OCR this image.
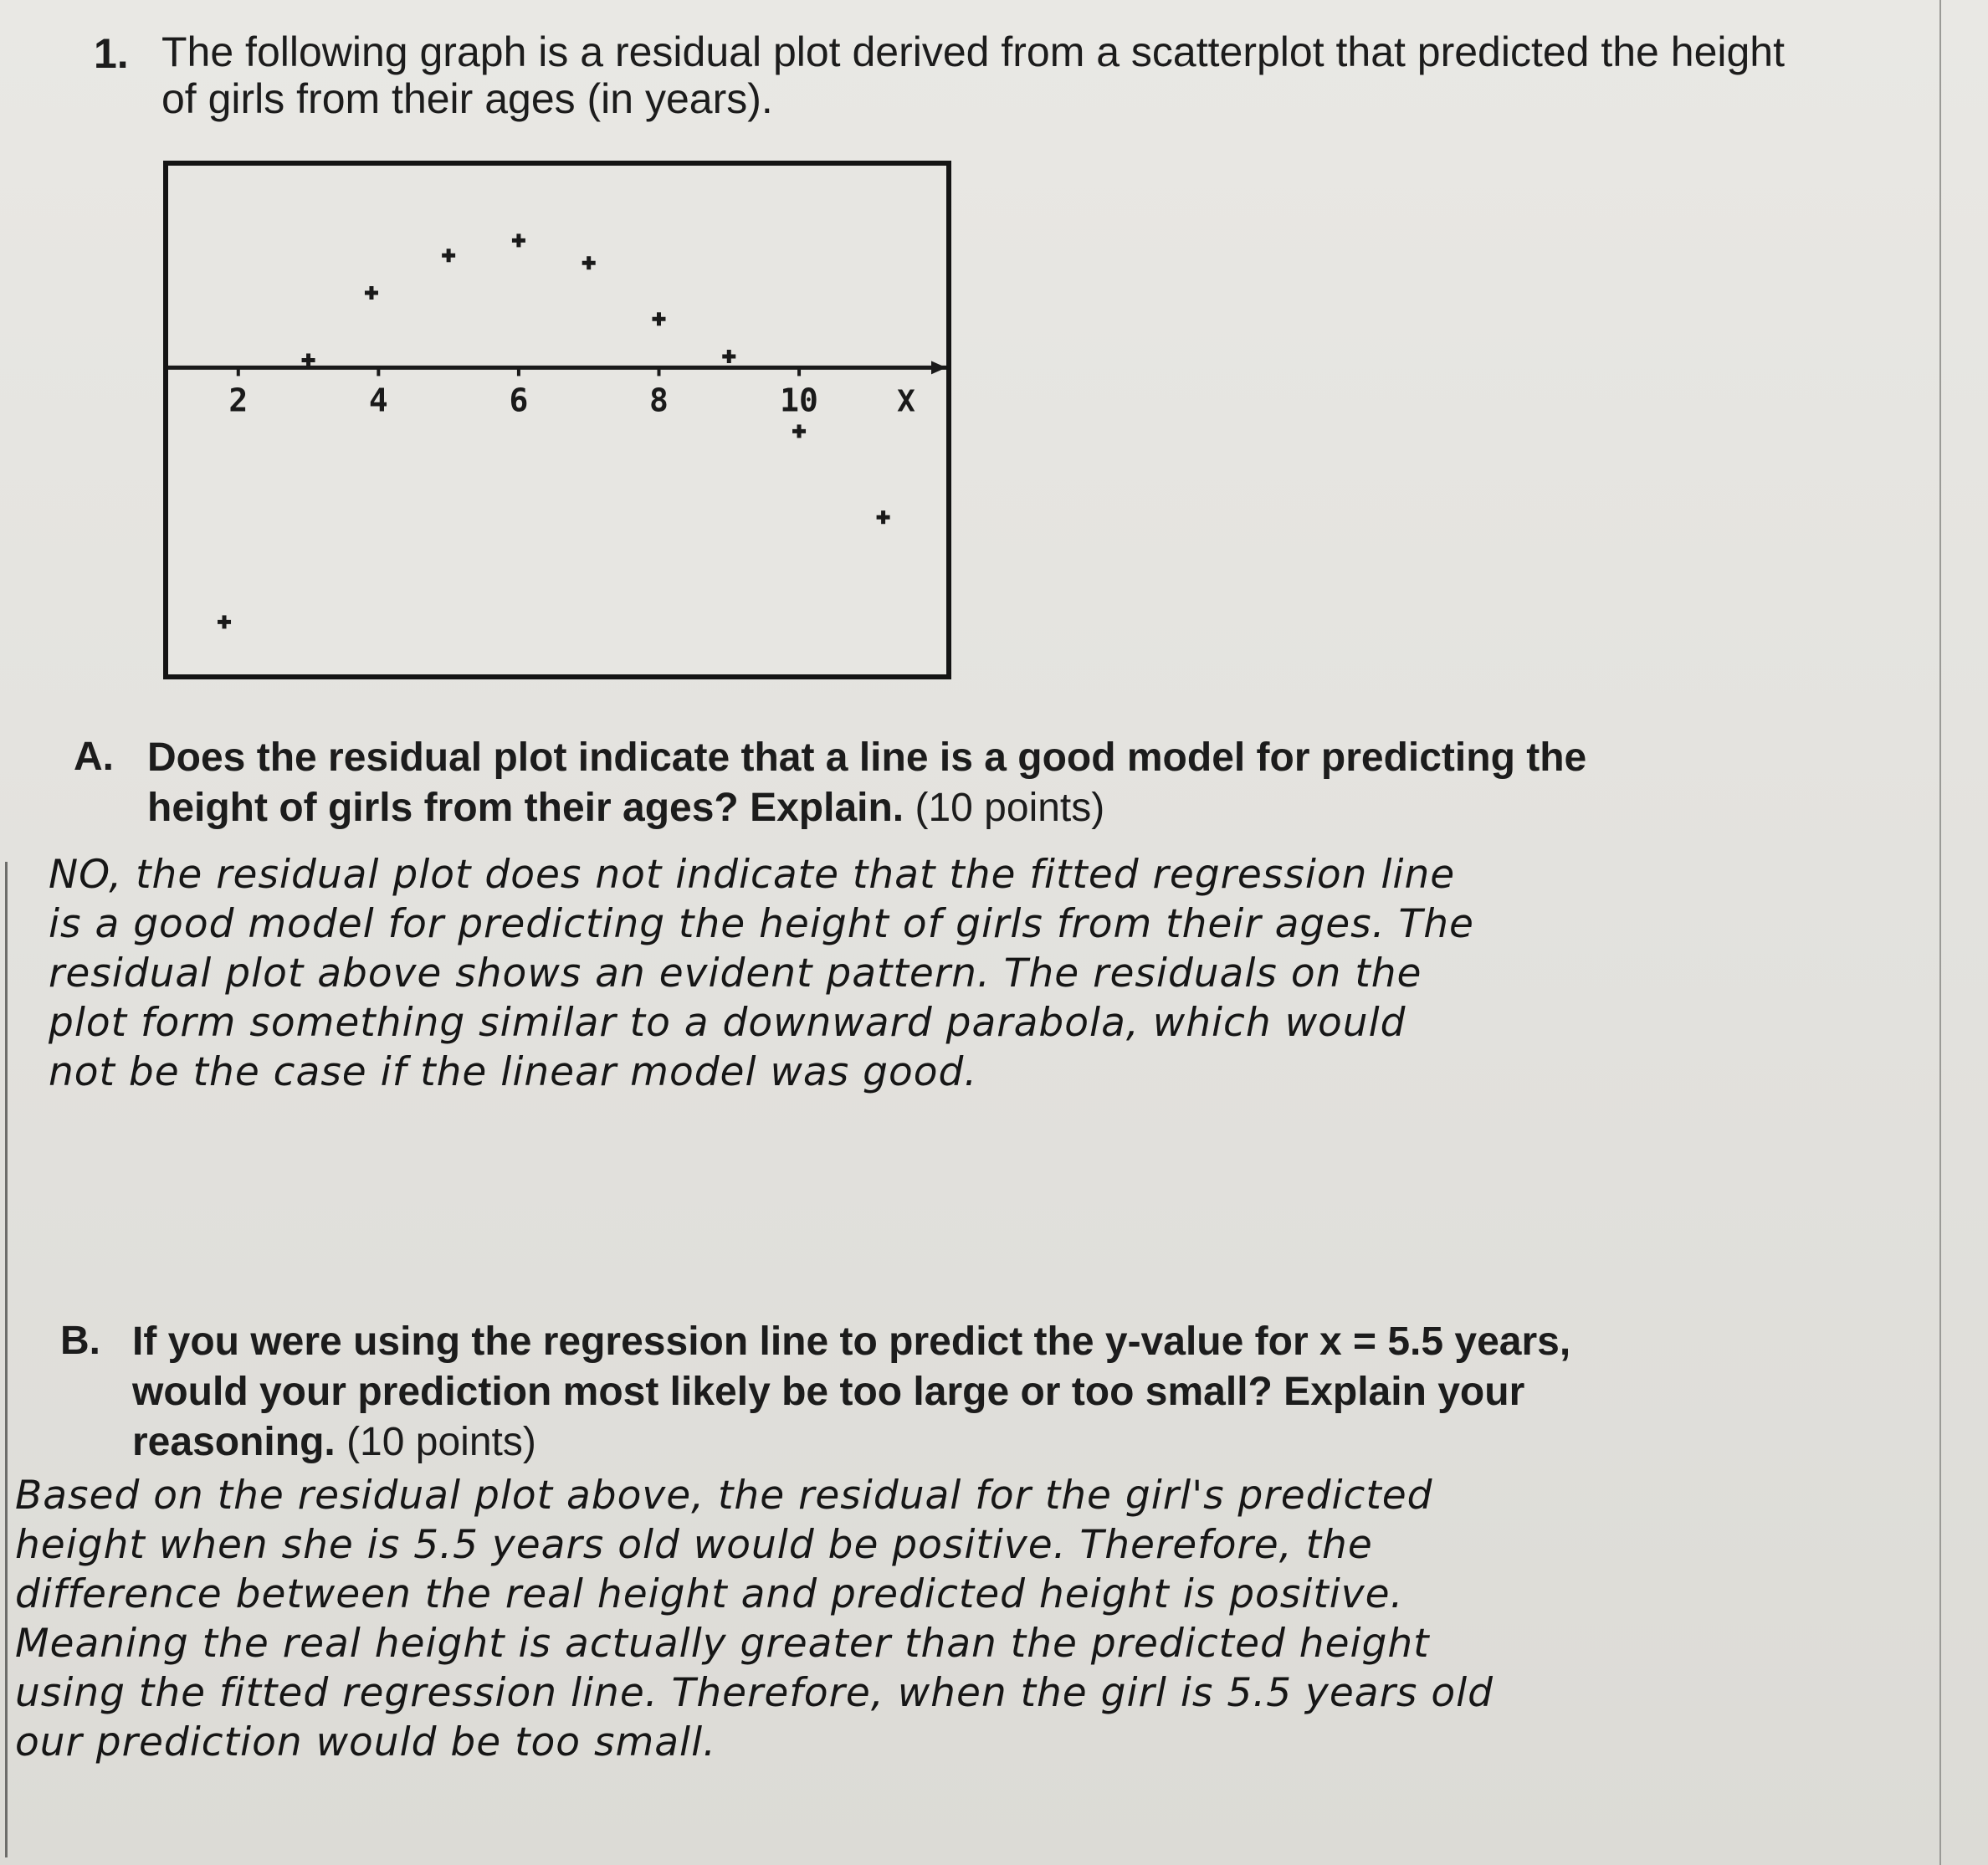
1. The following graph is a residual plot derived from a scatterplot that predicted the height
of girls from their ages (in years).
2	4	6	8	10	X
A. Does the residual plot indicate that a line is a good model for predicting the
height of girls from their ages? Explain. (10 points)
NO, the residual plot does not indicate that the fitted regression line
is a good model for predicting the height of girls from their ages. The
residual plot above shows an evident pattern. The residuals on the
plot form something similar to a downward parabola, which would
not be the case if the linear model was good.
B. If you were using the regression line to predict the y-value for x = 5.5 years,
would your prediction most likely be too large or too small? Explain your
reasoning. (10 points)
Based on the residual plot above, the residual for the girl's predicted
height when she is 5.5 years old would be positive. Therefore, the
difference between the real height and predicted height is positive.
Meaning the real height is actually greater than the predicted height
using the fitted regression line. Therefore, when the girl is 5.5 years old
our prediction would be too small.
